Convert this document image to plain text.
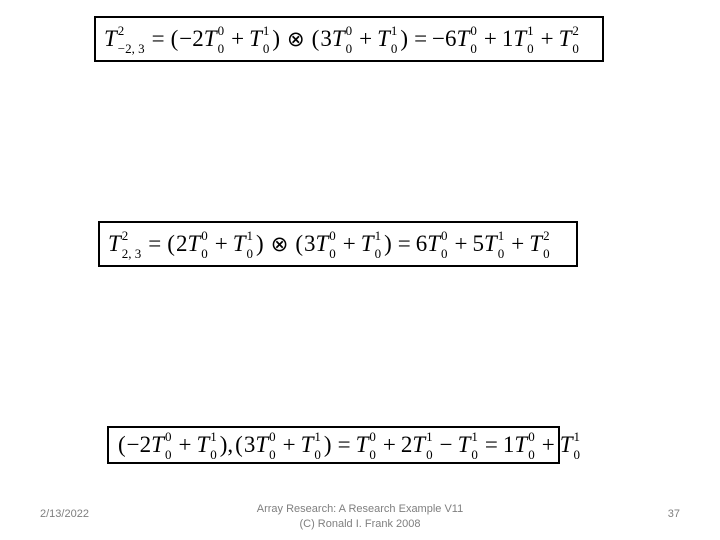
T 2
−2, 3 = ( −2 T 0
0 + T 1
0 ) ⊗ ( 3 T 0
0 + T 1
0 ) = −6 T 0
0 + 1 T 1
0 + T 2
0
T 2
2, 3 = ( 2 T 0
0 + T 1
0 ) ⊗ ( 3 T 0
0 + T 1
0 ) = 6 T 0
0 + 5 T 1
0 + T 2
0
( −2 T 0
0 + T 1
0 ), ( 3 T 0
0 + T 1
0 ) = T 0
0 + 2 T 1
0 − T 1
0 = 1 T 0
0 + T 1
0
2/13/2022	Array Research: A Research Example V11
(C) Ronald I. Frank 2008
37
